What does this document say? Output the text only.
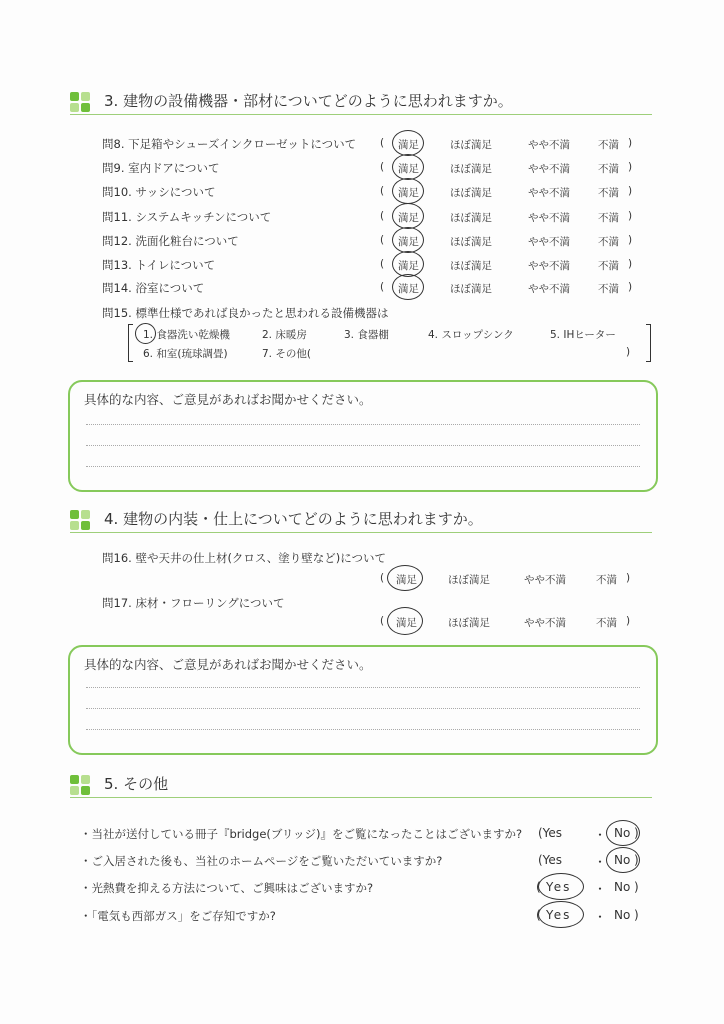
3. 建物の設備機器・部材についてどのように思われますか。
問8. 下足箱やシューズインクローゼットについて ( 満足	ほぼ満足	やや不満	不満 )
問9. 室内ドアについて	( 満足	ほぼ満足	やや不満	不満 )
問10. サッシについて	( 満足	ほぼ満足	やや不満	不満 )
問11. システムキッチンについて	( 満足	ほぼ満足	やや不満	不満 )
問12. 洗面化粧台について	( 満足	ほぼ満足	やや不満	不満 )
問13. トイレについて	( 満足	ほぼ満足	やや不満	不満 )
問14. 浴室について	( 満足	ほぼ満足	やや不満	不満 )
問15. 標準仕様であれば良かったと思われる設備機器は
1. 食器洗い乾燥機	2. 床暖房	3. 食器棚	4. スロップシンク	5. IHヒーター
6. 和室(琉球調畳)	7. その他(	)
具体的な内容、ご意見があればお聞かせください。
4. 建物の内装・仕上についてどのように思われますか。
問16. 壁や天井の仕上材(クロス、塗り壁など)について
( 満足	ほぼ満足	やや不満	不満 )
問17. 床材・フローリングについて
( 満足	ほぼ満足	やや不満	不満 )
具体的な内容、ご意見があればお聞かせください。
5. その他
・当社が送付している冊子『bridge(ブリッジ)』をご覧になったことはございますか? (Yes	・ No )
・ご入居された後も、当社のホームページをご覧いただいていますか?	(Yes	・ No )
・光熱費を抑える方法について、ご興味はございますか?	( Yes ・ No )
・「電気も西部ガス」をご存知ですか?	( Yes ・ No )
